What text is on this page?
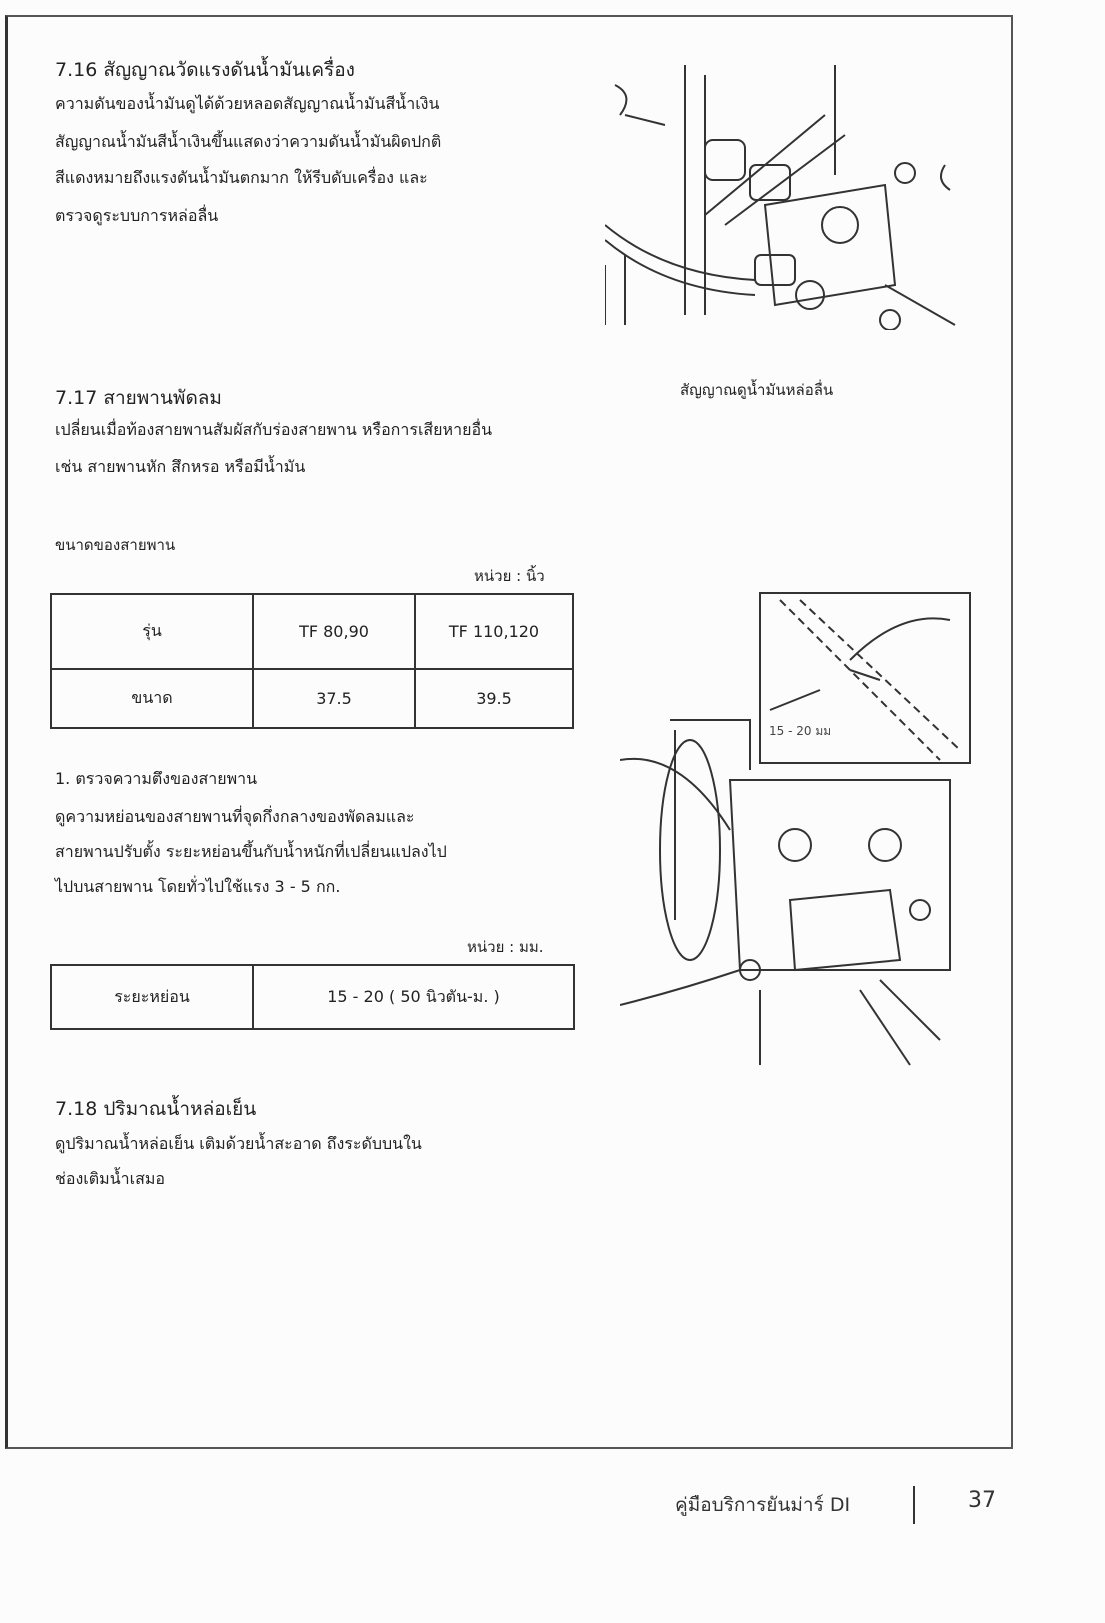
7.16 สัญญาณวัดแรงดันน้ำมันเครื่อง
ความดันของน้ำมันดูได้ด้วยหลอดสัญญาณน้ำมันสีน้ำเงิน
สัญญาณน้ำมันสีน้ำเงินขึ้นแสดงว่าความดันน้ำมันผิดปกติ
สีแดงหมายถึงแรงดันน้ำมันตกมาก ให้รีบดับเครื่อง และ
ตรวจดูระบบการหล่อลื่น
สัญญาณดูน้ำมันหล่อลื่น
7.17 สายพานพัดลม
เปลี่ยนเมื่อท้องสายพานสัมผัสกับร่องสายพาน หรือการเสียหายอื่น
เช่น สายพานหัก สึกหรอ หรือมีน้ำมัน
ขนาดของสายพาน
หน่วย : นิ้ว
รุ่น	TF 80,90	TF 110,120
ขนาด	37.5	39.5
1. ตรวจความตึงของสายพาน
ดูความหย่อนของสายพานที่จุดกึ่งกลางของพัดลมและ
สายพานปรับตั้ง ระยะหย่อนขึ้นกับน้ำหนักที่เปลี่ยนแปลงไป
ไปบนสายพาน โดยทั่วไปใช้แรง 3 - 5 กก.
หน่วย : มม.
ระยะหย่อน	15 - 20 ( 50 นิวตัน-ม. )
15 - 20 มม
7.18 ปริมาณน้ำหล่อเย็น
ดูปริมาณน้ำหล่อเย็น เติมด้วยน้ำสะอาด ถึงระดับบนใน
ช่องเติมน้ำเสมอ
คู่มือบริการยันม่าร์ DI	37
